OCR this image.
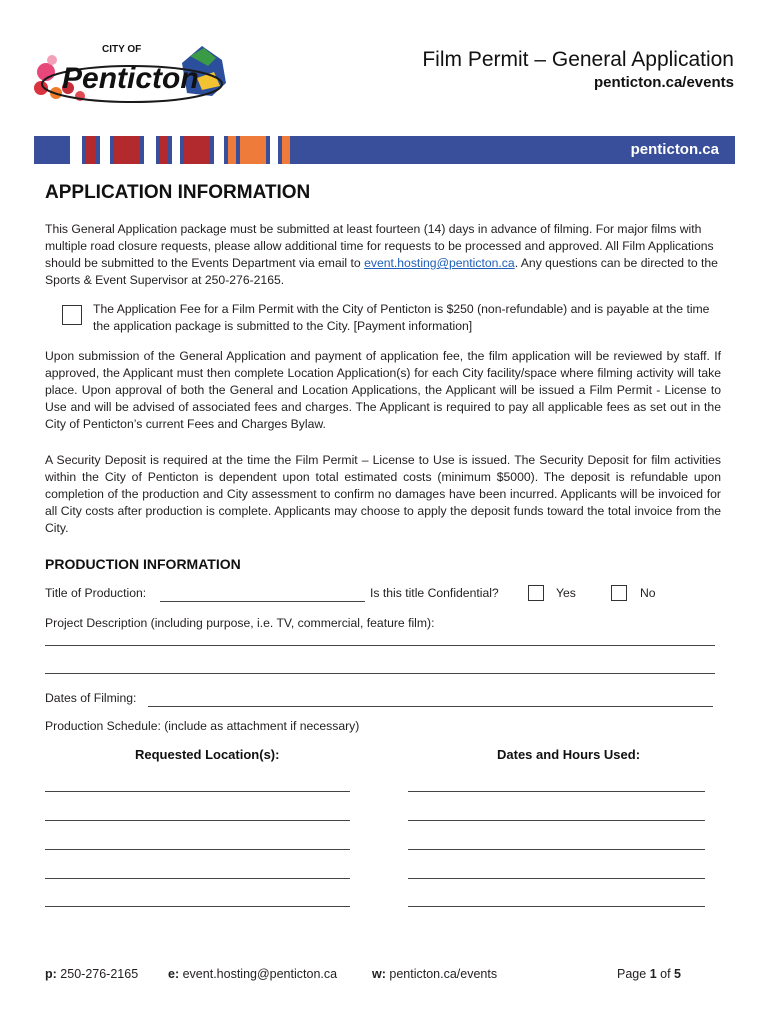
CITY OF
Penticton
Film Permit – General Application
penticton.ca/events
penticton.ca
APPLICATION INFORMATION
This General Application package must be submitted at least fourteen (14) days in advance of filming. For major films with multiple road closure requests, please allow additional time for requests to be processed and approved. All Film Applications should be submitted to the Events Department via email to event.hosting@penticton.ca. Any questions can be directed to the Sports & Event Supervisor at 250-276-2165.
The Application Fee for a Film Permit with the City of Penticton is $250 (non-refundable) and is payable at the time the application package is submitted to the City. [Payment information]
Upon submission of the General Application and payment of application fee, the film application will be reviewed by staff. If approved, the Applicant must then complete Location Application(s) for each City facility/space where filming activity will take place. Upon approval of both the General and Location Applications, the Applicant will be issued a Film Permit - License to Use and will be advised of associated fees and charges. The Applicant is required to pay all applicable fees as set out in the City of Penticton’s current Fees and Charges Bylaw.
A Security Deposit is required at the time the Film Permit – License to Use is issued. The Security Deposit for film activities within the City of Penticton is dependent upon total estimated costs (minimum $5000). The deposit is refundable upon completion of the production and City assessment to confirm no damages have been incurred. Applicants will be invoiced for all City costs after production is complete. Applicants may choose to apply the deposit funds toward the total invoice from the City.
PRODUCTION INFORMATION
Title of Production:	Is this title Confidential?	Yes	No
Project Description (including purpose, i.e. TV, commercial, feature film):
Dates of Filming:
Production Schedule: (include as attachment if necessary)
Requested Location(s):	Dates and Hours Used:
p: 250-276-2165 e: event.hosting@penticton.ca	w: penticton.ca/events	Page 1 of 5
